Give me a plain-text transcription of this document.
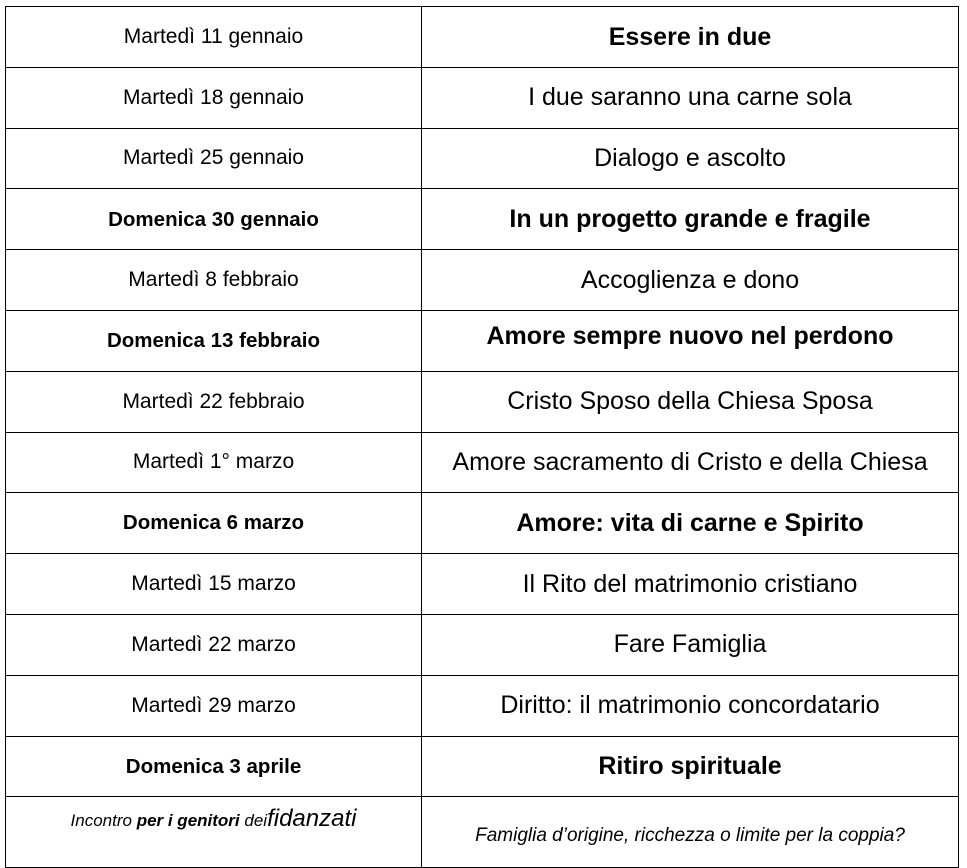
Martedì 11 gennaio	Essere in due
Martedì 18 gennaio	I due saranno una carne sola
Martedì 25 gennaio	Dialogo e ascolto
Domenica 30 gennaio	In un progetto grande e fragile
Martedì 8 febbraio	Accoglienza e dono
Domenica 13 febbraio	Amore sempre nuovo nel perdono
Martedì 22 febbraio	Cristo Sposo della Chiesa Sposa
Martedì 1° marzo	Amore sacramento di Cristo e della Chiesa
Domenica 6 marzo	Amore: vita di carne e Spirito
Martedì 15 marzo	Il Rito del matrimonio cristiano
Martedì 22 marzo	Fare Famiglia
Martedì 29 marzo	Diritto: il matrimonio concordatario
Domenica 3 aprile	Ritiro spirituale
Incontro per i genitori deifidanzati	Famiglia d’origine, ricchezza o limite per la coppia?
